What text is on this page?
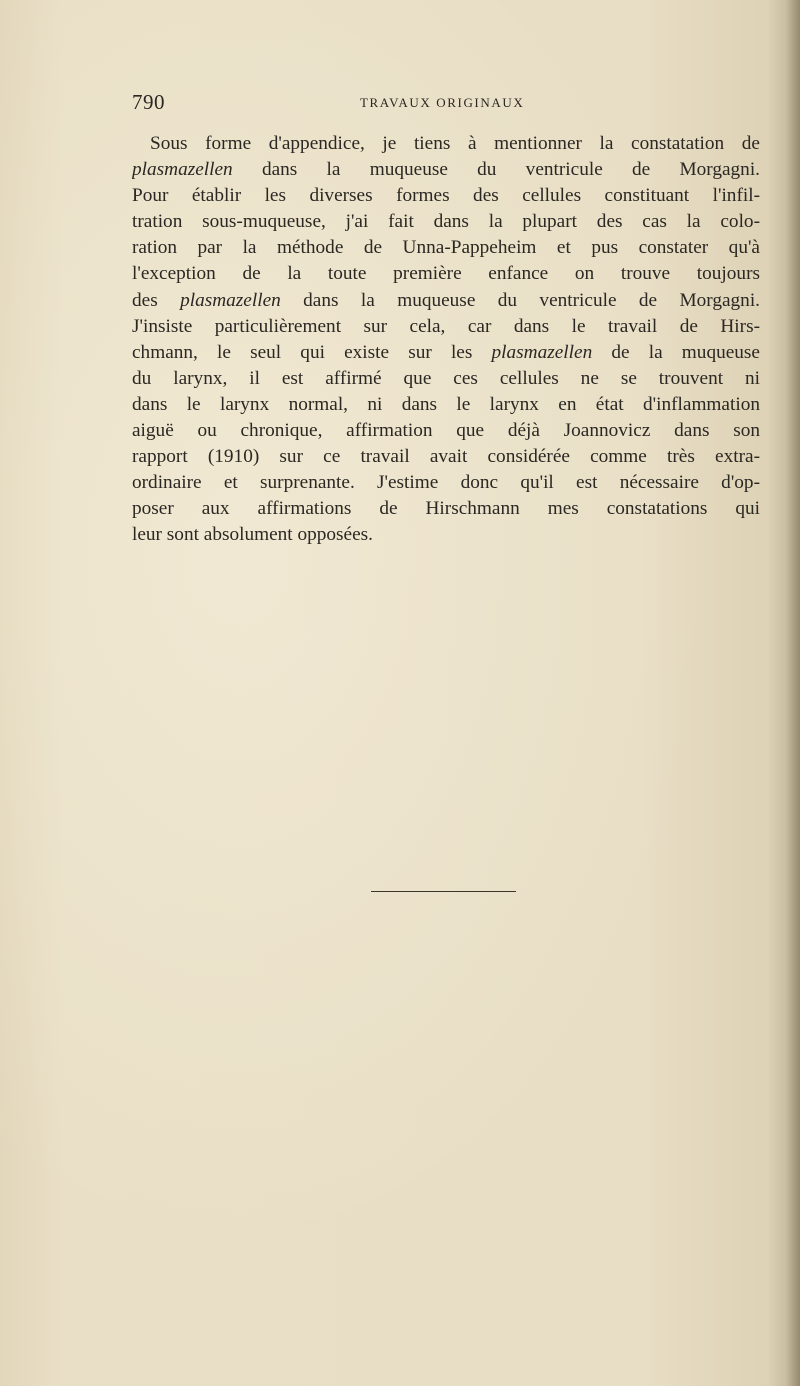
790	TRAVAUX ORIGINAUX
Sous forme d'appendice, je tiens à mentionner la constatation de
plasmazellen dans la muqueuse du ventricule de Morgagni.
Pour établir les diverses formes des cellules constituant l'infil-
tration sous-muqueuse, j'ai fait dans la plupart des cas la colo-
ration par la méthode de Unna-Pappeheim et pus constater qu'à
l'exception de la toute première enfance on trouve toujours
des plasmazellen dans la muqueuse du ventricule de Morgagni.
J'insiste particulièrement sur cela, car dans le travail de Hirs-
chmann, le seul qui existe sur les plasmazellen de la muqueuse
du larynx, il est affirmé que ces cellules ne se trouvent ni
dans le larynx normal, ni dans le larynx en état d'inflammation
aiguë ou chronique, affirmation que déjà Joannovicz dans son
rapport (1910) sur ce travail avait considérée comme très extra-
ordinaire et surprenante. J'estime donc qu'il est nécessaire d'op-
poser aux affirmations de Hirschmann mes constatations qui
leur sont absolument opposées.
